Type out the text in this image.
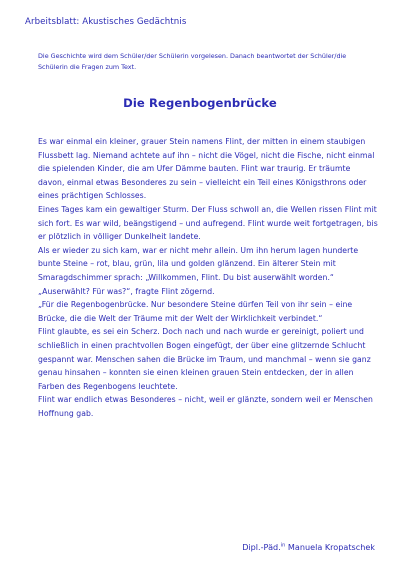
Arbeitsblatt: Akustisches Gedächtnis
Die Geschichte wird dem Schüler/der Schülerin vorgelesen. Danach beantwortet der Schüler/die Schülerin die Fragen zum Text.
Die Regenbogenbrücke

Es war einmal ein kleiner, grauer Stein namens Flint, der mitten in einem staubigen Flussbett lag. Niemand achtete auf ihn – nicht die Vögel, nicht die Fische, nicht einmal die spielenden Kinder, die am Ufer Dämme bauten. Flint war traurig. Er träumte davon, einmal etwas Besonderes zu sein – vielleicht ein Teil eines Königsthrons oder eines prächtigen Schlosses.

Eines Tages kam ein gewaltiger Sturm. Der Fluss schwoll an, die Wellen rissen Flint mit sich fort. Es war wild, beängstigend – und aufregend. Flint wurde weit fortgetragen, bis er plötzlich in völliger Dunkelheit landete.

Als er wieder zu sich kam, war er nicht mehr allein. Um ihn herum lagen hunderte bunte Steine – rot, blau, grün, lila und golden glänzend. Ein älterer Stein mit Smaragdschimmer sprach: „Willkommen, Flint. Du bist auserwählt worden.“

„Auserwählt? Für was?“, fragte Flint zögernd.

„Für die Regenbogenbrücke. Nur besondere Steine dürfen Teil von ihr sein – eine Brücke, die die Welt der Träume mit der Welt der Wirklichkeit verbindet.“

Flint glaubte, es sei ein Scherz. Doch nach und nach wurde er gereinigt, poliert und schließlich in einen prachtvollen Bogen eingefügt, der über eine glitzernde Schlucht gespannt war. Menschen sahen die Brücke im Traum, und manchmal – wenn sie ganz genau hinsahen – konnten sie einen kleinen grauen Stein entdecken, der in allen Farben des Regenbogens leuchtete.

Flint war endlich etwas Besonderes – nicht, weil er glänzte, sondern weil er Menschen Hoffnung gab.

Dipl.-Päd.$^{in}$ Manuela Kropatschek
